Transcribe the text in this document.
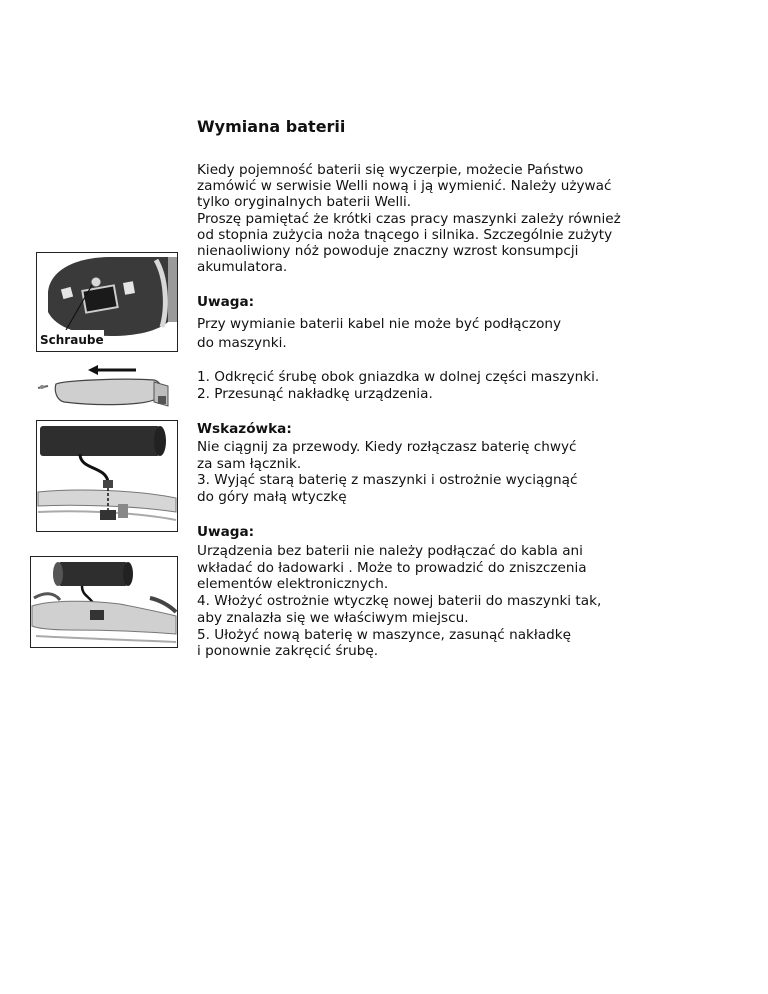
Wymiana baterii
Kiedy pojemność baterii się wyczerpie, możecie Państwo
zamówić w serwisie Welli nową i ją wymienić. Należy używać
tylko oryginalnych baterii Welli.
Proszę pamiętać że krótki czas pracy maszynki zależy również
od stopnia zużycia noża tnącego i silnika. Szczególnie zużyty
nienaoliwiony nóż powoduje znaczny wzrost konsumpcji
akumulatora.
Uwaga:
Przy wymianie baterii kabel nie może być podłączony
do maszynki.
1. Odkręcić śrubę obok gniazdka w dolnej części maszynki.
2. Przesunąć nakładkę urządzenia.
Wskazówka:
Nie ciągnij za przewody. Kiedy rozłączasz baterię chwyć
za sam łącznik.
3. Wyjąć starą baterię z maszynki i ostrożnie wyciągnąć
do góry małą wtyczkę
Uwaga:
Urządzenia bez baterii nie należy podłączać do kabla ani
wkładać do ładowarki . Może to prowadzić do zniszczenia
elementów elektronicznych.
4. Włożyć ostrożnie wtyczkę nowej baterii do maszynki tak,
aby znalazła się we właściwym miejscu.
5. Ułożyć nową baterię w maszynce, zasunąć nakładkę
i ponownie zakręcić śrubę.
Schraube
